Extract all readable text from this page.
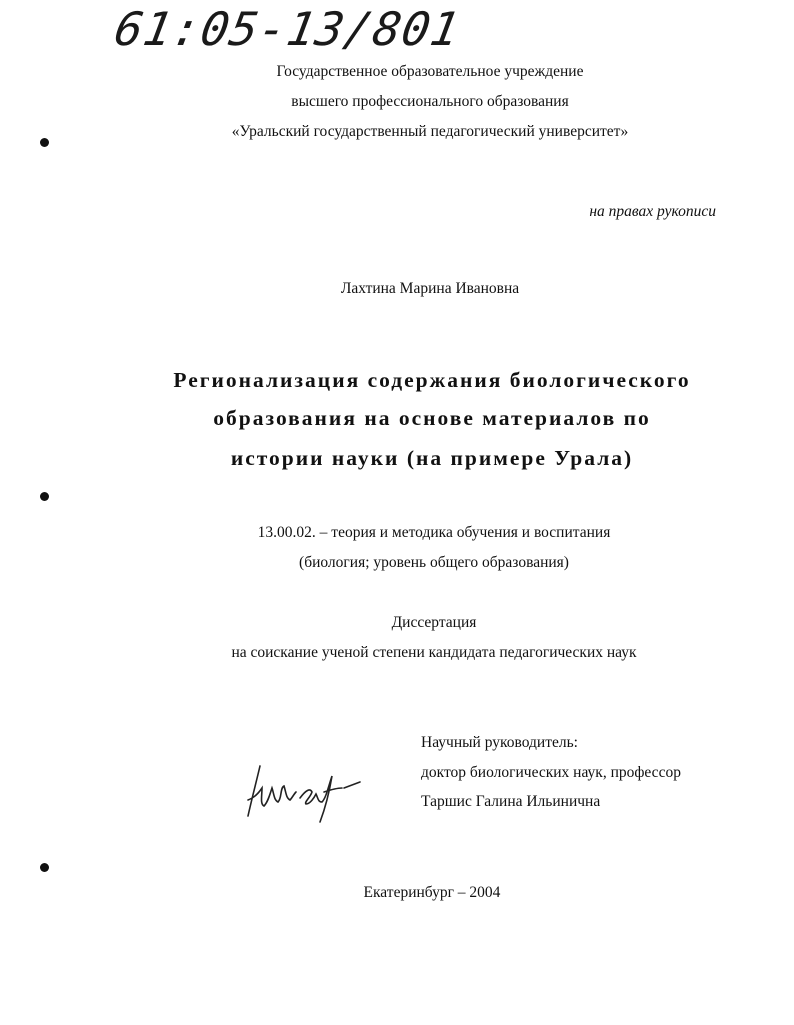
61:05-13/801
Государственное образовательное учреждение
высшего профессионального образования
«Уральский государственный педагогический университет»
на правах рукописи
Лахтина Марина Ивановна
Регионализация содержания биологического
образования на основе материалов по
истории науки (на примере Урала)
13.00.02. – теория и методика обучения и воспитания
(биология; уровень общего образования)
Диссертация
на соискание ученой степени кандидата педагогических наук
Научный руководитель:
доктор биологических наук, профессор
Таршис Галина Ильинична
Екатеринбург – 2004
